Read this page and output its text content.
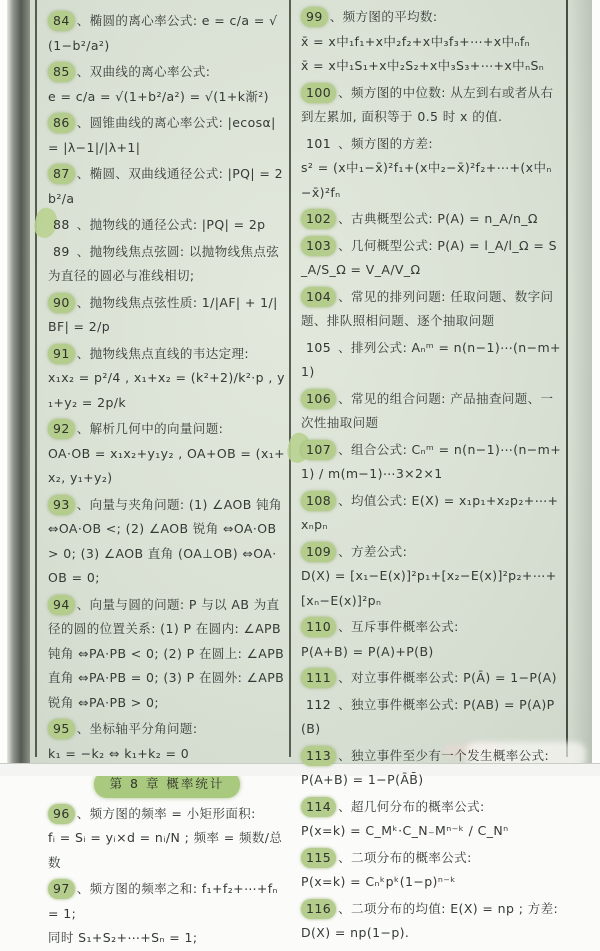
84 、椭圆的离心率公式: e = c/a = √(1−b²/a²)
85 、双曲线的离心率公式:
e = c/a = √(1+b²/a²) = √(1+k渐²)
86 、圆锥曲线的离心率公式: |ecosα| = |λ−1|/|λ+1|
87 、椭圆、双曲线通径公式: |PQ| = 2b²/a
88 、抛物线的通径公式: |PQ| = 2p
89 、抛物线焦点弦圆: 以抛物线焦点弦为直径的圆必与准线相切;
90 、抛物线焦点弦性质: 1/|AF| + 1/|BF| = 2/p
91 、抛物线焦点直线的韦达定理:
x₁x₂ = p²/4 , x₁+x₂ = (k²+2)/k²·p , y₁+y₂ = 2p/k
92 、解析几何中的向量问题:
OA·OB = x₁x₂+y₁y₂ , OA+OB = (x₁+x₂, y₁+y₂)
93 、向量与夹角问题: (1) ∠AOB 钝角 ⇔OA·OB <; (2) ∠AOB 锐角 ⇔OA·OB > 0; (3) ∠AOB 直角 (OA⊥OB) ⇔OA·OB = 0;
94 、向量与圆的问题: P 与以 AB 为直径的圆的位置关系: (1) P 在圆内: ∠APB 钝角 ⇔PA·PB < 0; (2) P 在圆上: ∠APB 直角 ⇔PA·PB = 0; (3) P 在圆外: ∠APB 锐角 ⇔PA·PB > 0;
95 、坐标轴平分角问题:
k₁ = −k₂ ⇔ k₁+k₂ = 0
第 8 章 概率统计
96 、频方图的频率 = 小矩形面积:
fᵢ = Sᵢ = yᵢ×d = nᵢ/N ; 频率 = 频数/总数
97 、频方图的频率之和: f₁+f₂+⋯+fₙ = 1;
同时 S₁+S₂+⋯+Sₙ = 1;
99 、频方图的平均数:
x̄ = x中₁f₁+x中₂f₂+x中₃f₃+⋯+x中ₙfₙ
x̄ = x中₁S₁+x中₂S₂+x中₃S₃+⋯+x中ₙSₙ
100 、频方图的中位数: 从左到右或者从右到左累加, 面积等于 0.5 时 x 的值.
101 、频方图的方差:
s² = (x中₁−x̄)²f₁+(x中₂−x̄)²f₂+⋯+(x中ₙ−x̄)²fₙ
102 、古典概型公式: P(A) = n_A/n_Ω
103 、几何概型公式: P(A) = l_A/l_Ω = S_A/S_Ω = V_A/V_Ω
104 、常见的排列问题: 任取问题、数字问题、排队照相问题、逐个抽取问题
105 、排列公式: Aₙᵐ = n(n−1)⋯(n−m+1)
106 、常见的组合问题: 产品抽查问题、一次性抽取问题
107 、组合公式: Cₙᵐ = n(n−1)⋯(n−m+1) / m(m−1)⋯3×2×1
108 、均值公式: E(X) = x₁p₁+x₂p₂+⋯+xₙpₙ
109 、方差公式:
D(X) = [x₁−E(x)]²p₁+[x₂−E(x)]²p₂+⋯+[xₙ−E(x)]²pₙ
110 、互斥事件概率公式:
P(A+B) = P(A)+P(B)
111 、对立事件概率公式: P(Ā) = 1−P(A)
112 、独立事件概率公式: P(AB) = P(A)P(B)
113 、独立事件至少有一个发生概率公式:
P(A+B) = 1−P(ĀB̄)
114 、超几何分布的概率公式:
P(x=k) = C_Mᵏ·C_N₋Mⁿ⁻ᵏ / C_Nⁿ
115 、二项分布的概率公式:
P(x=k) = Cₙᵏpᵏ(1−p)ⁿ⁻ᵏ
116 、二项分布的均值: E(X) = np ; 方差:
D(X) = np(1−p).
